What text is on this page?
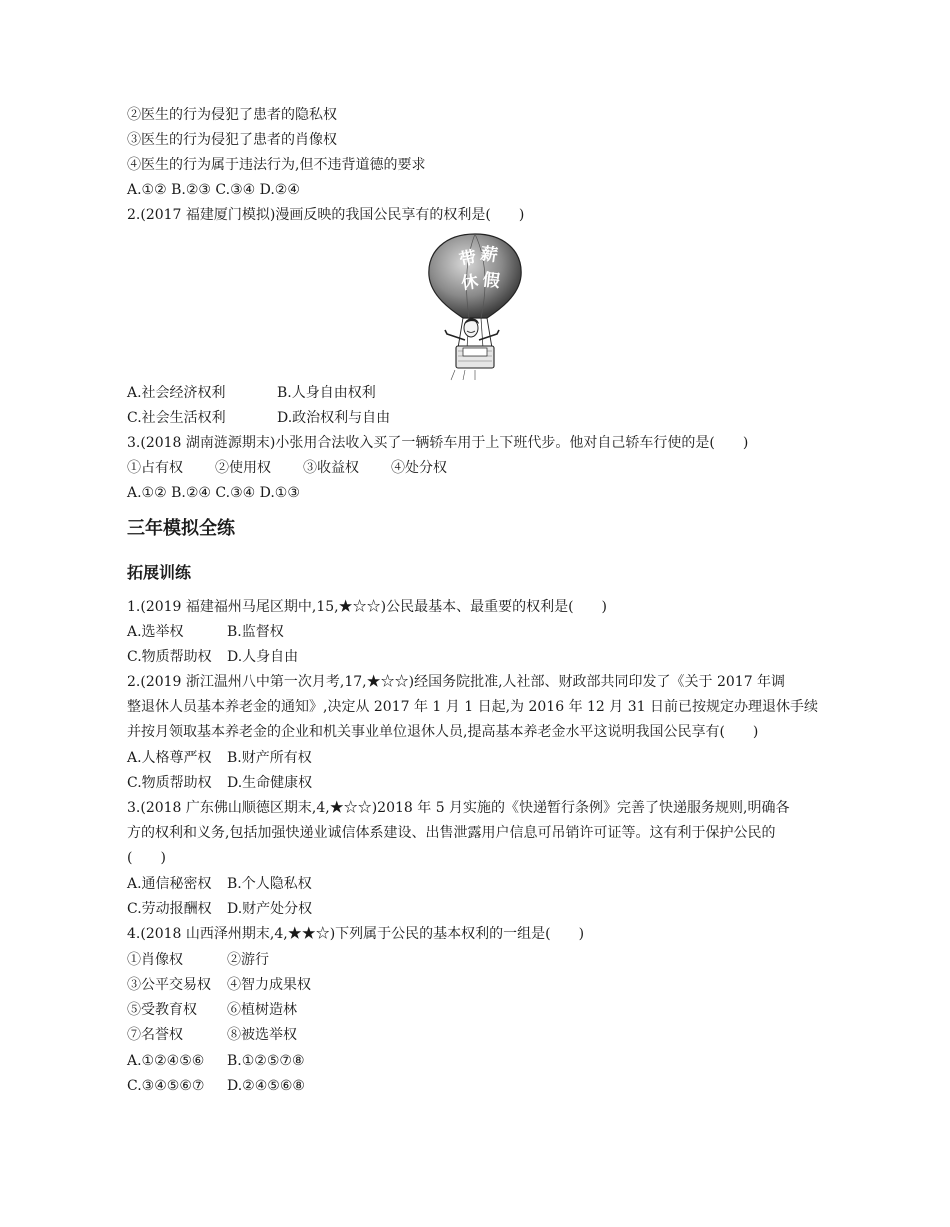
②医生的行为侵犯了患者的隐私权
③医生的行为侵犯了患者的肖像权
④医生的行为属于违法行为,但不违背道德的要求
A.①② B.②③ C.③④ D.②④
2.(2017 福建厦门模拟)漫画反映的我国公民享有的权利是(　　)
带 薪
休 假
A.社会经济权利	B.人身自由权利
C.社会生活权利	D.政治权利与自由
3.(2018 湖南涟源期末)小张用合法收入买了一辆轿车用于上下班代步。他对自己轿车行使的是(　　)
①占有权 ②使用权 ③收益权 ④处分权
A.①② B.②④ C.③④ D.①③
三年模拟全练
拓展训练
1.(2019 福建福州马尾区期中,15,★☆☆)公民最基本、最重要的权利是(　　)
A.选举权	B.监督权
C.物质帮助权 D.人身自由
2.(2019 浙江温州八中第一次月考,17,★☆☆)经国务院批准,人社部、财政部共同印发了《关于 2017 年调
整退休人员基本养老金的通知》,决定从 2017 年 1 月 1 日起,为 2016 年 12 月 31 日前已按规定办理退休手续
并按月领取基本养老金的企业和机关事业单位退休人员,提高基本养老金水平这说明我国公民享有(　　)
A.人格尊严权 B.财产所有权
C.物质帮助权 D.生命健康权
3.(2018 广东佛山顺德区期末,4,★☆☆)2018 年 5 月实施的《快递暂行条例》完善了快递服务规则,明确各
方的权利和义务,包括加强快递业诚信体系建设、出售泄露用户信息可吊销许可证等。这有利于保护公民的
(　　)
A.通信秘密权 B.个人隐私权
C.劳动报酬权 D.财产处分权
4.(2018 山西泽州期末,4,★★☆)下列属于公民的基本权利的一组是(　　)
①肖像权	②游行
③公平交易权 ④智力成果权
⑤受教育权 ⑥植树造林
⑦名誉权	⑧被选举权
A.①②④⑤⑥ B.①②⑤⑦⑧
C.③④⑤⑥⑦ D.②④⑤⑥⑧
